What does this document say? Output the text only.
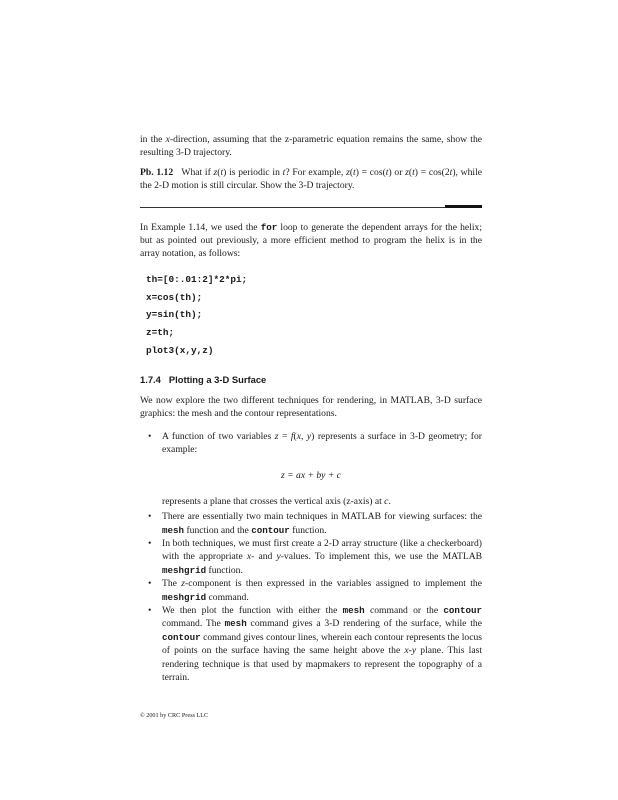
in the x-direction, assuming that the z-parametric equation remains the same, show the resulting 3-D trajectory.

Pb. 1.12 What if z(t) is periodic in t? For example, z(t) = cos(t) or z(t) = cos(2t), while the 2-D motion is still circular. Show the 3-D trajectory.

In Example 1.14, we used the for loop to generate the dependent arrays for the helix; but as pointed out previously, a more efficient method to program the helix is in the array notation, as follows:

th=[0:.01:2]*2*pi;
x=cos(th);
y=sin(th);
z=th;
plot3(x,y,z)
1.7.4 Plotting a 3-D Surface

We now explore the two different techniques for rendering, in MATLAB, 3-D surface graphics: the mesh and the contour representations.

• A function of two variables z = f(x, y) represents a surface in 3-D geometry; for example:
z = ax + by + c
represents a plane that crosses the vertical axis (z-axis) at c.
• There are essentially two main techniques in MATLAB for viewing surfaces: the mesh function and the contour function.
• In both techniques, we must first create a 2-D array structure (like a checkerboard) with the appropriate x- and y-values. To implement this, we use the MATLAB meshgrid function.
• The z-component is then expressed in the variables assigned to implement the meshgrid command.
• We then plot the function with either the mesh command or the contour command. The mesh command gives a 3-D rendering of the surface, while the contour command gives contour lines, wherein each contour represents the locus of points on the surface having the same height above the x-y plane. This last rendering technique is that used by mapmakers to represent the topography of a terrain.
© 2001 by CRC Press LLC
